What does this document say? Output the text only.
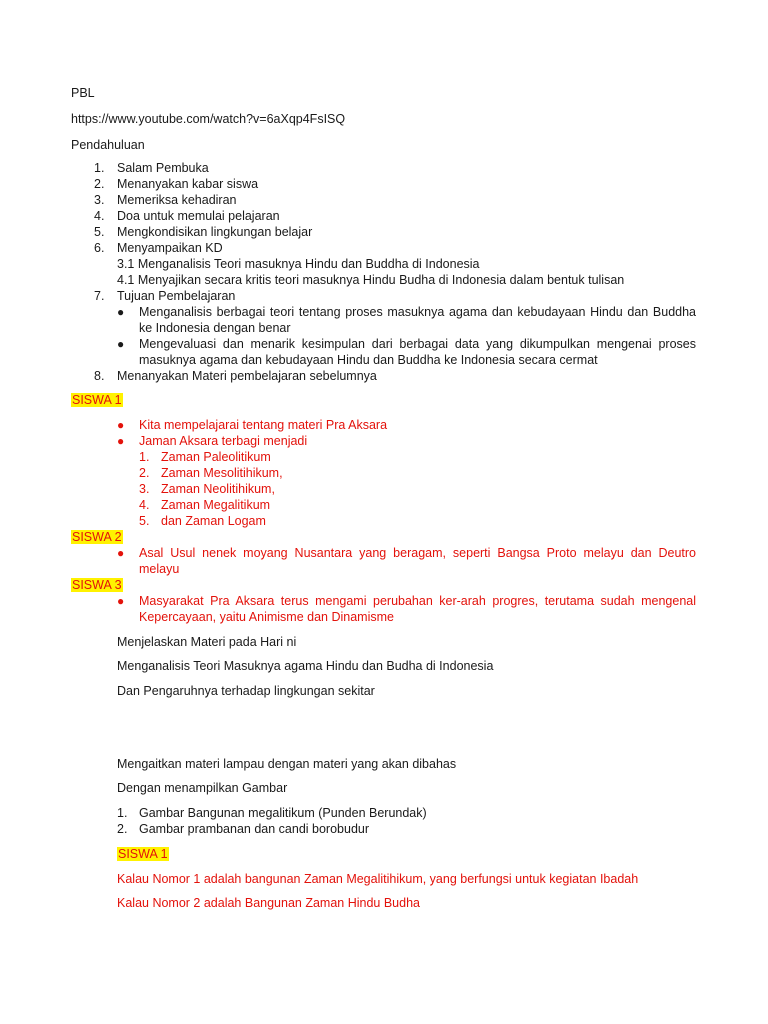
PBL
https://www.youtube.com/watch?v=6aXqp4FsISQ
Pendahuluan
1. Salam Pembuka
2. Menanyakan kabar siswa
3. Memeriksa kehadiran
4. Doa untuk memulai pelajaran
5. Mengkondisikan lingkungan belajar
6. Menyampaikan KD
3.1 Menganalisis Teori masuknya Hindu dan Buddha di Indonesia
4.1 Menyajikan secara kritis teori masuknya Hindu Budha di Indonesia dalam bentuk tulisan
7. Tujuan Pembelajaran
● Menganalisis berbagai teori tentang proses masuknya agama dan kebudayaan Hindu dan Buddha
ke Indonesia dengan benar
● Mengevaluasi dan menarik kesimpulan dari berbagai data yang dikumpulkan mengenai proses
masuknya agama dan kebudayaan Hindu dan Buddha ke Indonesia secara cermat
8. Menanyakan Materi pembelajaran sebelumnya
SISWA 1
● Kita mempelajarai tentang materi Pra Aksara
● Jaman Aksara terbagi menjadi
1. Zaman Paleolitikum
2. Zaman Mesolitihikum,
3. Zaman Neolitihikum,
4. Zaman Megalitikum
5. dan Zaman Logam
SISWA 2
● Asal Usul nenek moyang Nusantara yang beragam, seperti Bangsa Proto melayu dan Deutro
melayu
SISWA 3
● Masyarakat Pra Aksara terus mengami perubahan ker-arah progres, terutama sudah mengenal
Kepercayaan, yaitu Animisme dan Dinamisme
Menjelaskan Materi pada Hari ni
Menganalisis Teori Masuknya agama Hindu dan Budha di Indonesia
Dan Pengaruhnya terhadap lingkungan sekitar
Mengaitkan materi lampau dengan materi yang akan dibahas
Dengan menampilkan Gambar
1. Gambar Bangunan megalitikum (Punden Berundak)
2. Gambar prambanan dan candi borobudur
SISWA 1
Kalau Nomor 1 adalah bangunan Zaman Megalitihikum, yang berfungsi untuk kegiatan Ibadah
Kalau Nomor 2 adalah Bangunan Zaman Hindu Budha
